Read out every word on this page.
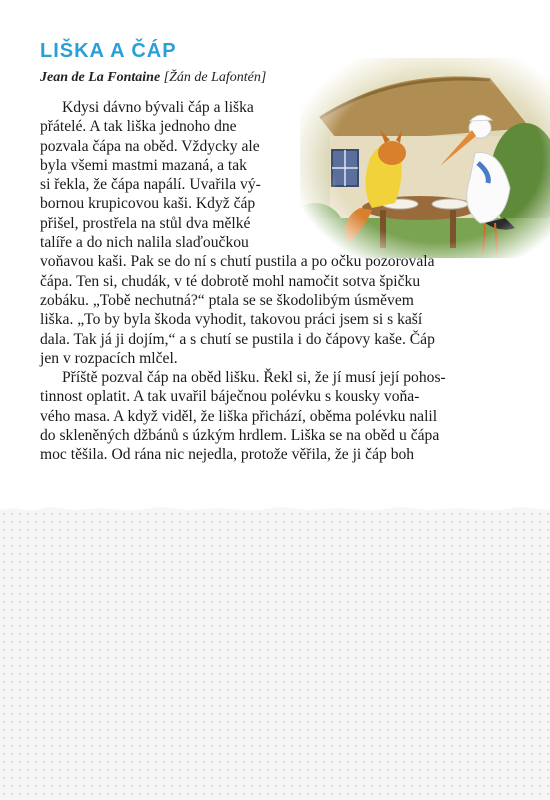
LIŠKA A ČÁP
Jean de La Fontaine [Žán de Lafontén]

Kdysi dávno bývali čáp a liška

přátelé. A tak liška jednoho dne

pozvala čápa na oběd. Vždycky ale

byla všemi mastmi mazaná, a tak

si řekla, že čápa napálí. Uvařila vý-

bornou krupicovou kaši. Když čáp

přišel, prostřela na stůl dva mělké

talíře a do nich nalila slaďoučkou

voňavou kaši. Pak se do ní s chutí pustila a po očku pozorovala

čápa. Ten si, chudák, v té dobrotě mohl namočit sotva špičku

zobáku. „Tobě nechutná?“ ptala se se škodolibým úsměvem

liška. „To by byla škoda vyhodit, takovou práci jsem si s kaší

dala. Tak já ji dojím,“ a s chutí se pustila i do čápovy kaše. Čáp

jen v rozpacích mlčel.

Příště pozval čáp na oběd lišku. Řekl si, že jí musí její pohos-

tinnost oplatit. A tak uvařil báječnou polévku s kousky voňa-

vého masa. A když viděl, že liška přichází, oběma polévku nalil

do skleněných džbánů s úzkým hrdlem. Liška se na oběd u čápa

moc těšila. Od rána nic nejedla, protože věřila, že ji čáp boh
